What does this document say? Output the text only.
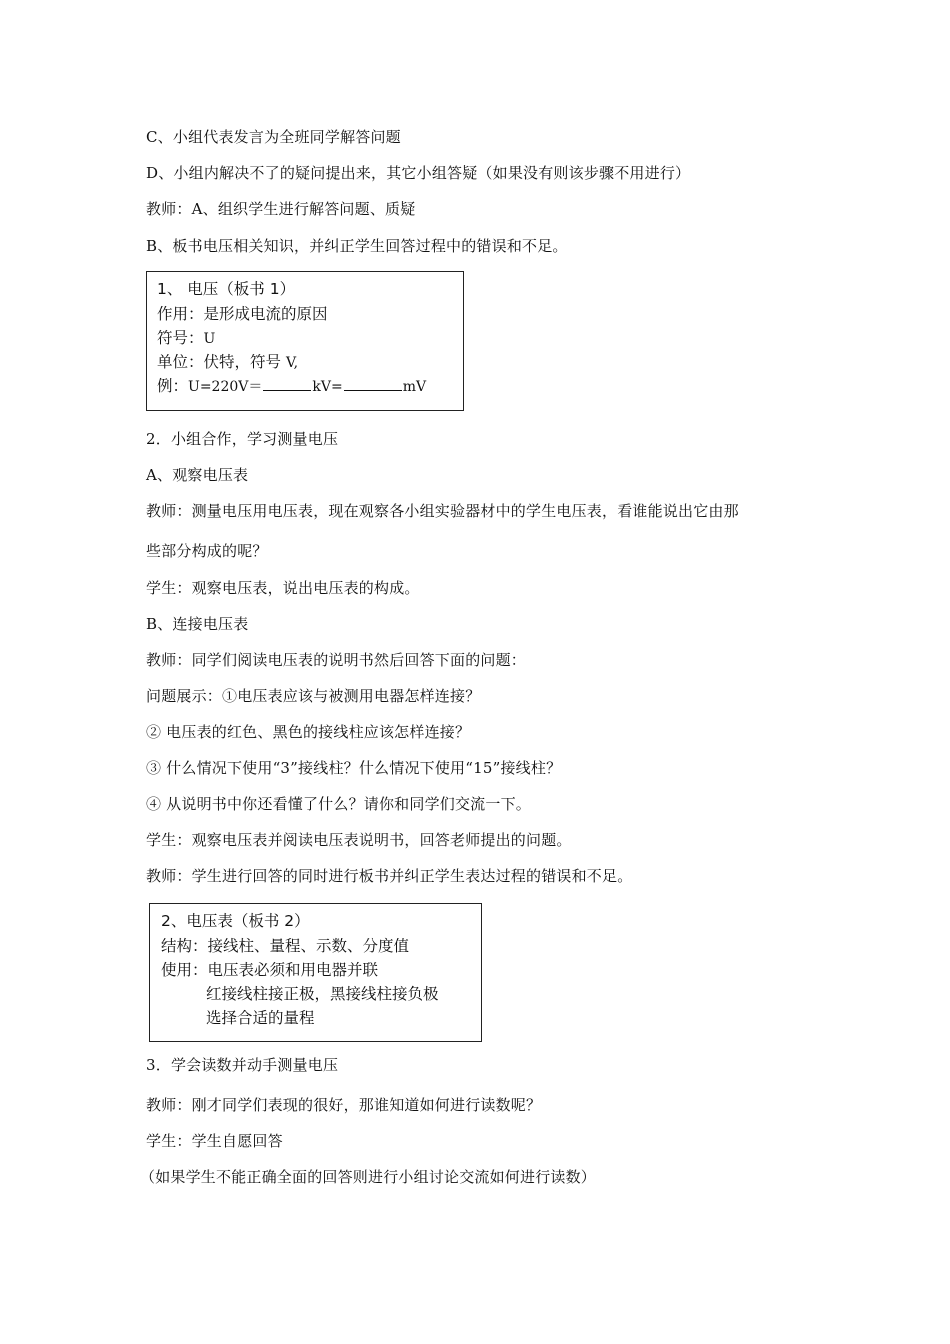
C、小组代表发言为全班同学解答问题
D、小组内解决不了的疑问提出来，其它小组答疑（如果没有则该步骤不用进行）
教师：A、组织学生进行解答问题、质疑
B、板书电压相关知识，并纠正学生回答过程中的错误和不足。
1、 电压（板书 1）
作用：是形成电流的原因
符号：U
单位：伏特，符号 V,
例：U=220V＝	kV=	mV
2．小组合作，学习测量电压
A、观察电压表
教师：测量电压用电压表，现在观察各小组实验器材中的学生电压表，看谁能说出它由那
些部分构成的呢？
学生：观察电压表，说出电压表的构成。
B、连接电压表
教师：同学们阅读电压表的说明书然后回答下面的问题：
问题展示：①电压表应该与被测用电器怎样连接？
② 电压表的红色、黑色的接线柱应该怎样连接？
③ 什么情况下使用“3”接线柱？什么情况下使用“15”接线柱？
④ 从说明书中你还看懂了什么？请你和同学们交流一下。
学生：观察电压表并阅读电压表说明书，回答老师提出的问题。
教师：学生进行回答的同时进行板书并纠正学生表达过程的错误和不足。
2、电压表（板书 2）
结构：接线柱、量程、示数、分度值
使用：电压表必须和用电器并联
红接线柱接正极，黑接线柱接负极
选择合适的量程
3．学会读数并动手测量电压
教师：刚才同学们表现的很好，那谁知道如何进行读数呢？
学生：学生自愿回答
（如果学生不能正确全面的回答则进行小组讨论交流如何进行读数）
